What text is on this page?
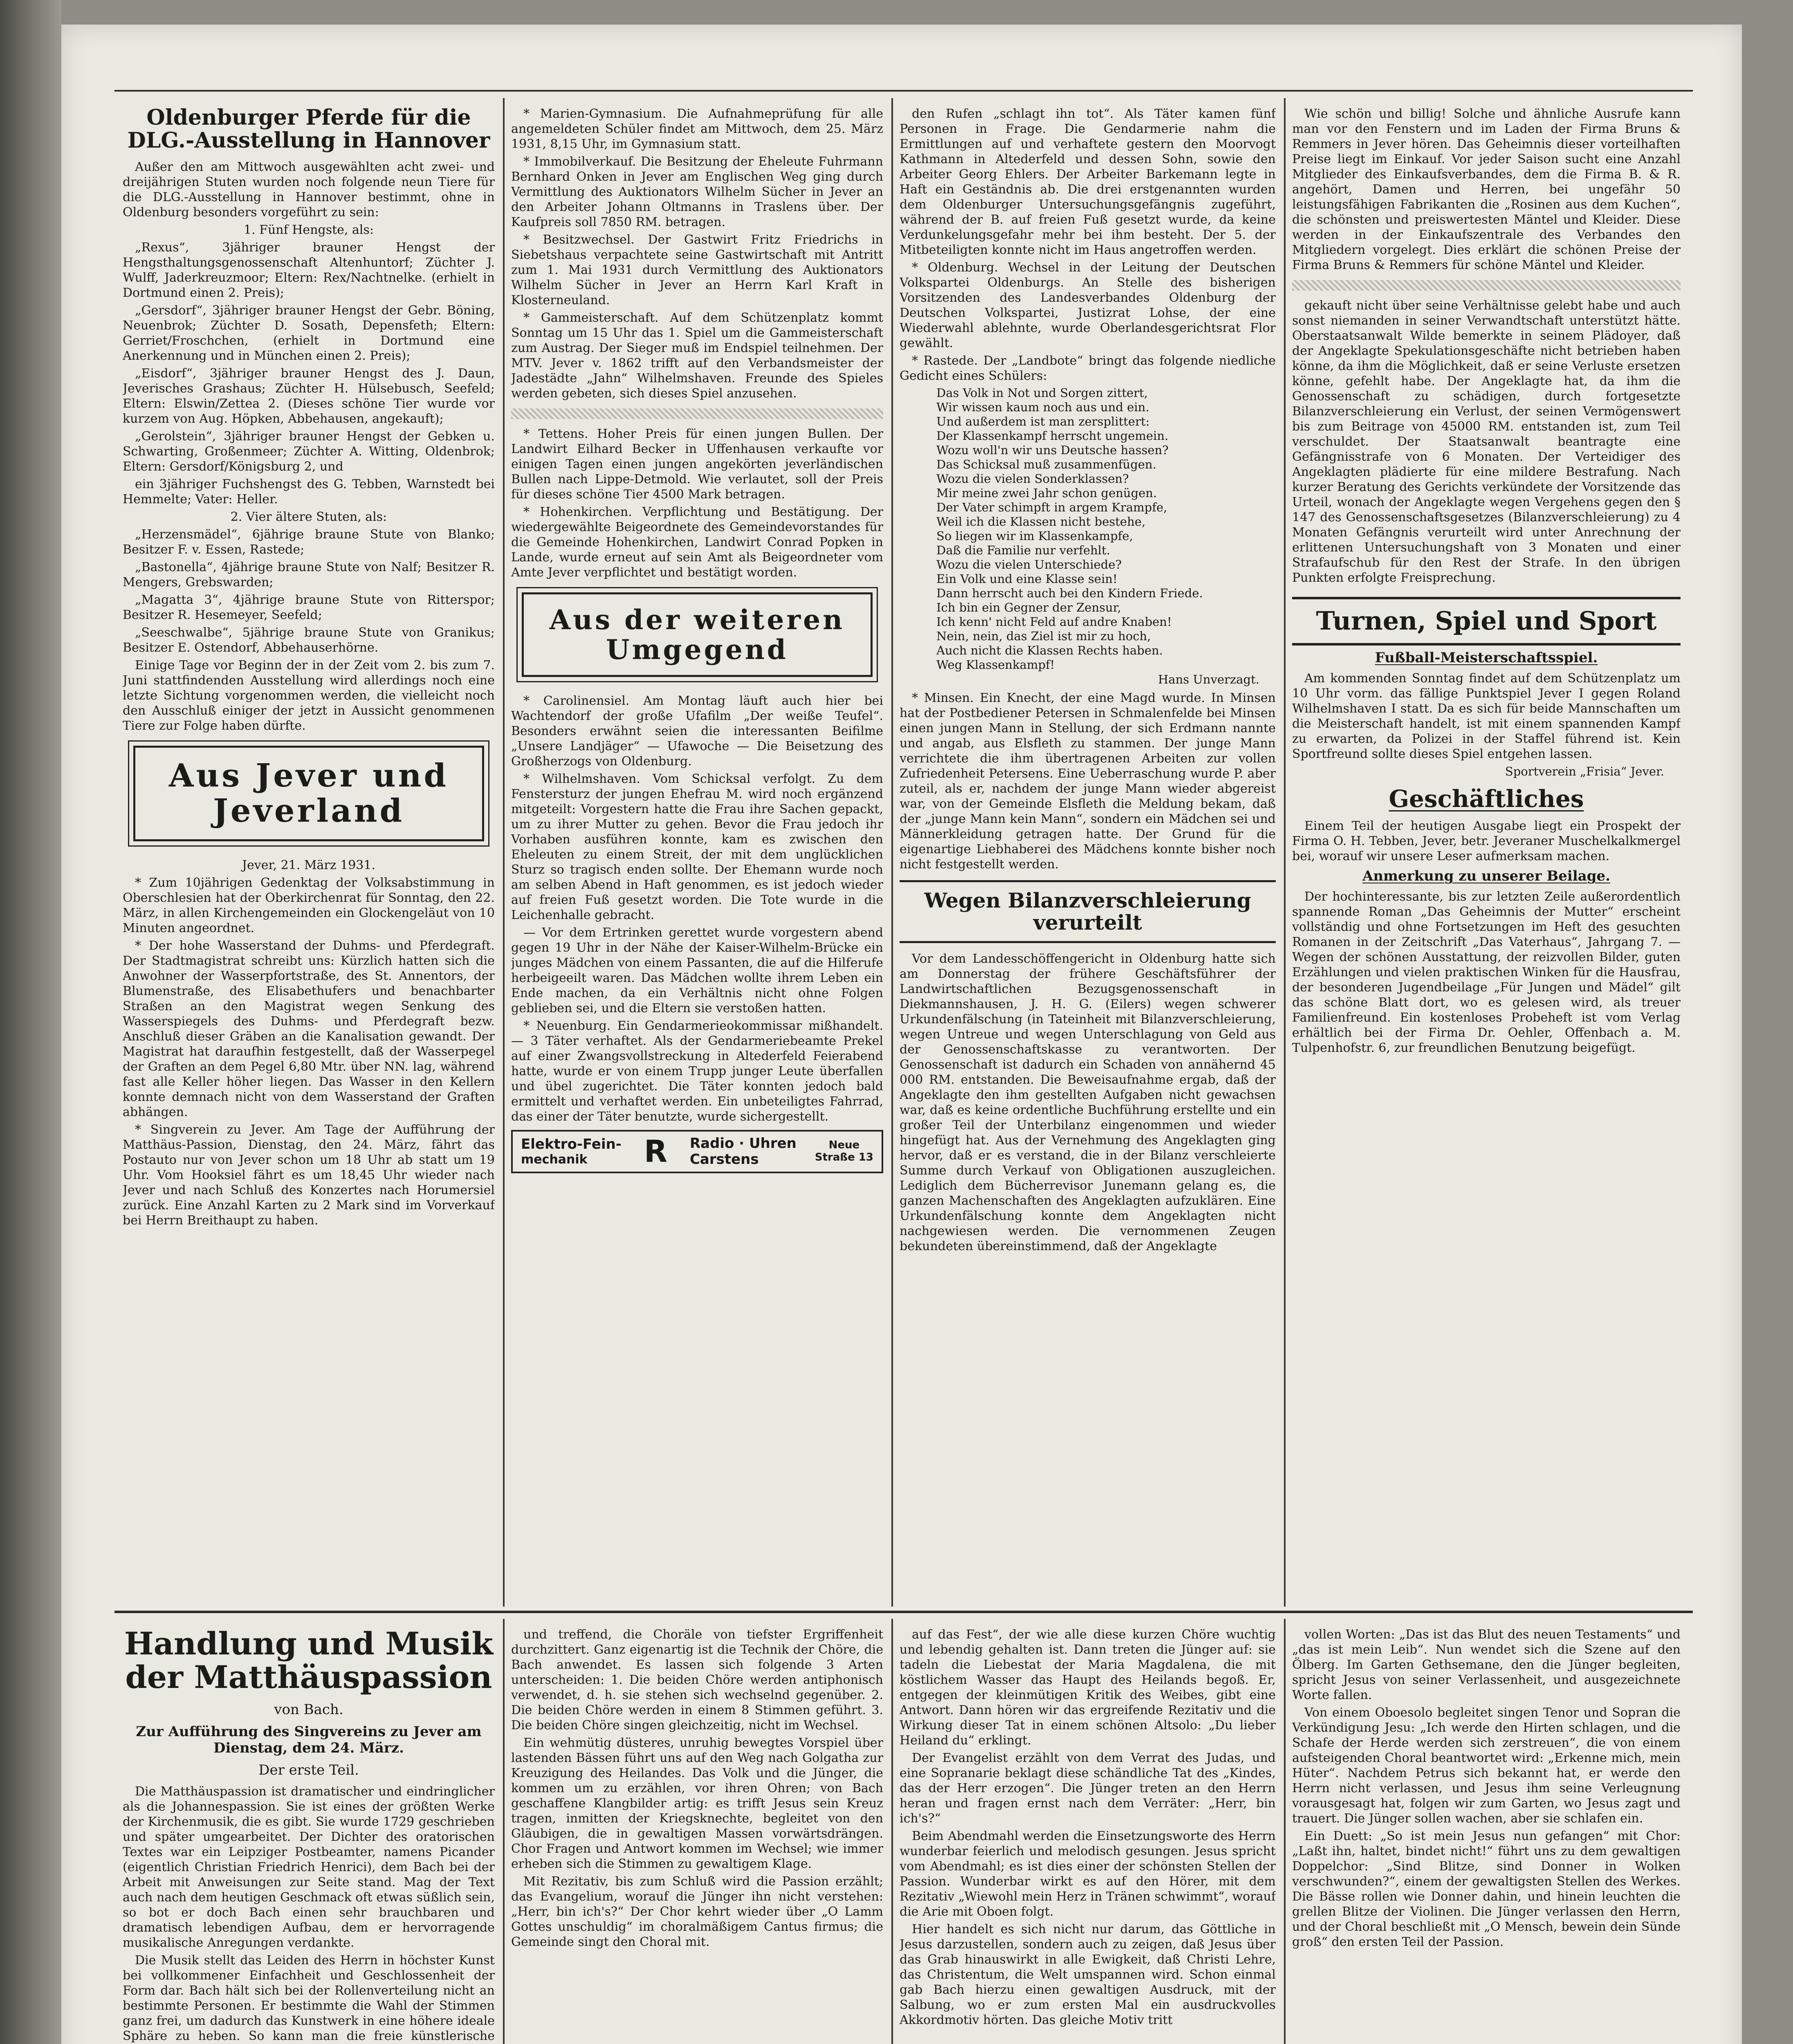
Oldenburger Pferde für die DLG.-Ausstellung in Hannover

Außer den am Mittwoch ausgewählten acht zwei- und dreijährigen Stuten wurden noch folgende neun Tiere für die DLG.-Ausstellung in Hannover bestimmt, ohne in Oldenburg besonders vorgeführt zu sein:

1. Fünf Hengste, als:

„Rexus“, 3jähriger brauner Hengst der Hengsthaltungsgenossenschaft Altenhuntorf; Züchter J. Wulff, Jaderkreuzmoor; Eltern: Rex/Nachtnelke. (erhielt in Dortmund einen 2. Preis);

„Gersdorf“, 3jähriger brauner Hengst der Gebr. Böning, Neuenbrok; Züchter D. Sosath, Depensfeth; Eltern: Gerriet/Froschchen, (erhielt in Dortmund eine Anerkennung und in München einen 2. Preis);

„Eisdorf“, 3jähriger brauner Hengst des J. Daun, Jeverisches Grashaus; Züchter H. Hülsebusch, Seefeld; Eltern: Elswin/Zettea 2. (Dieses schöne Tier wurde vor kurzem von Aug. Höpken, Abbehausen, angekauft);

„Gerolstein“, 3jähriger brauner Hengst der Gebken u. Schwarting, Großenmeer; Züchter A. Witting, Oldenbrok; Eltern: Gersdorf/Königsburg 2, und

ein 3jähriger Fuchshengst des G. Tebben, Warnstedt bei Hemmelte; Vater: Heller.

2. Vier ältere Stuten, als:

„Herzensmädel“, 6jährige braune Stute von Blanko; Besitzer F. v. Essen, Rastede;

„Bastonella“, 4jährige braune Stute von Nalf; Besitzer R. Mengers, Grebswarden;

„Magatta 3“, 4jährige braune Stute von Ritterspor; Besitzer R. Hesemeyer, Seefeld;

„Seeschwalbe“, 5jährige braune Stute von Granikus; Besitzer E. Ostendorf, Abbehauserhörne.

Einige Tage vor Beginn der in der Zeit vom 2. bis zum 7. Juni stattfindenden Ausstellung wird allerdings noch eine letzte Sichtung vorgenommen werden, die vielleicht noch den Ausschluß einiger der jetzt in Aussicht genommenen Tiere zur Folge haben dürfte.

Aus Jever und Jeverland

Jever, 21. März 1931.

* Zum 10jährigen Gedenktag der Volksabstimmung in Oberschlesien hat der Oberkirchenrat für Sonntag, den 22. März, in allen Kirchengemeinden ein Glockengeläut von 10 Minuten angeordnet.

* Der hohe Wasserstand der Duhms- und Pferdegraft. Der Stadtmagistrat schreibt uns: Kürzlich hatten sich die Anwohner der Wasserpfortstraße, des St. Annentors, der Blumenstraße, des Elisabethufers und benachbarter Straßen an den Magistrat wegen Senkung des Wasserspiegels des Duhms- und Pferdegraft bezw. Anschluß dieser Gräben an die Kanalisation gewandt. Der Magistrat hat daraufhin festgestellt, daß der Wasserpegel der Graften an dem Pegel 6,80 Mtr. über NN. lag, während fast alle Keller höher liegen. Das Wasser in den Kellern konnte demnach nicht von dem Wasserstand der Graften abhängen.

* Singverein zu Jever. Am Tage der Aufführung der Matthäus-Passion, Dienstag, den 24. März, fährt das Postauto nur von Jever schon um 18 Uhr ab statt um 19 Uhr. Vom Hooksiel fährt es um 18,45 Uhr wieder nach Jever und nach Schluß des Konzertes nach Horumersiel zurück. Eine Anzahl Karten zu 2 Mark sind im Vorverkauf bei Herrn Breithaupt zu haben.

* Marien-Gymnasium. Die Aufnahmeprüfung für alle angemeldeten Schüler findet am Mittwoch, dem 25. März 1931, 8,15 Uhr, im Gymnasium statt.

* Immobilverkauf. Die Besitzung der Eheleute Fuhrmann Bernhard Onken in Jever am Englischen Weg ging durch Vermittlung des Auktionators Wilhelm Sücher in Jever an den Arbeiter Johann Oltmanns in Traslens über. Der Kaufpreis soll 7850 RM. betragen.

* Besitzwechsel. Der Gastwirt Fritz Friedrichs in Siebetshaus verpachtete seine Gastwirtschaft mit Antritt zum 1. Mai 1931 durch Vermittlung des Auktionators Wilhelm Sücher in Jever an Herrn Karl Kraft in Klosterneuland.

* Gammeisterschaft. Auf dem Schützenplatz kommt Sonntag um 15 Uhr das 1. Spiel um die Gammeisterschaft zum Austrag. Der Sieger muß im Endspiel teilnehmen. Der MTV. Jever v. 1862 trifft auf den Verbandsmeister der Jadestädte „Jahn“ Wilhelmshaven. Freunde des Spieles werden gebeten, sich dieses Spiel anzusehen.

* Tettens. Hoher Preis für einen jungen Bullen. Der Landwirt Eilhard Becker in Uffenhausen verkaufte vor einigen Tagen einen jungen angekörten jeverländischen Bullen nach Lippe-Detmold. Wie verlautet, soll der Preis für dieses schöne Tier 4500 Mark betragen.

* Hohenkirchen. Verpflichtung und Bestätigung. Der wiedergewählte Beigeordnete des Gemeindevorstandes für die Gemeinde Hohenkirchen, Landwirt Conrad Popken in Lande, wurde erneut auf sein Amt als Beigeordneter vom Amte Jever verpflichtet und bestätigt worden.

Aus der weiteren Umgegend

* Carolinensiel. Am Montag läuft auch hier bei Wachtendorf der große Ufafilm „Der weiße Teufel“. Besonders erwähnt seien die interessanten Beifilme „Unsere Landjäger“ — Ufawoche — Die Beisetzung des Großherzogs von Oldenburg.

* Wilhelmshaven. Vom Schicksal verfolgt. Zu dem Fenstersturz der jungen Ehefrau M. wird noch ergänzend mitgeteilt: Vorgestern hatte die Frau ihre Sachen gepackt, um zu ihrer Mutter zu gehen. Bevor die Frau jedoch ihr Vorhaben ausführen konnte, kam es zwischen den Eheleuten zu einem Streit, der mit dem unglücklichen Sturz so tragisch enden sollte. Der Ehemann wurde noch am selben Abend in Haft genommen, es ist jedoch wieder auf freien Fuß gesetzt worden. Die Tote wurde in die Leichenhalle gebracht.

— Vor dem Ertrinken gerettet wurde vorgestern abend gegen 19 Uhr in der Nähe der Kaiser-Wilhelm-Brücke ein junges Mädchen von einem Passanten, die auf die Hilferufe herbeigeeilt waren. Das Mädchen wollte ihrem Leben ein Ende machen, da ein Verhältnis nicht ohne Folgen geblieben sei, und die Eltern sie verstoßen hatten.

* Neuenburg. Ein Gendarmerieokommissar mißhandelt. — 3 Täter verhaftet. Als der Gendarmeriebeamte Prekel auf einer Zwangsvollstreckung in Altederfeld Feierabend hatte, wurde er von einem Trupp junger Leute überfallen und übel zugerichtet. Die Täter konnten jedoch bald ermittelt und verhaftet werden. Ein unbeteiligtes Fahrrad, das einer der Täter benutzte, wurde sichergestellt.

Elektro-Fein-
mechanik	R Radio · Uhren
Carstens
Neue
Straße 13

den Rufen „schlagt ihn tot“. Als Täter kamen fünf Personen in Frage. Die Gendarmerie nahm die Ermittlungen auf und verhaftete gestern den Moorvogt Kathmann in Altederfeld und dessen Sohn, sowie den Arbeiter Georg Ehlers. Der Arbeiter Barkemann legte in Haft ein Geständnis ab. Die drei erstgenannten wurden dem Oldenburger Untersuchungsgefängnis zugeführt, während der B. auf freien Fuß gesetzt wurde, da keine Verdunkelungsgefahr mehr bei ihm besteht. Der 5. der Mitbeteiligten konnte nicht im Haus angetroffen werden.

* Oldenburg. Wechsel in der Leitung der Deutschen Volkspartei Oldenburgs. An Stelle des bisherigen Vorsitzenden des Landesverbandes Oldenburg der Deutschen Volkspartei, Justizrat Lohse, der eine Wiederwahl ablehnte, wurde Oberlandesgerichtsrat Flor gewählt.

* Rastede. Der „Landbote“ bringt das folgende niedliche Gedicht eines Schülers:

Das Volk in Not und Sorgen zittert,

Wir wissen kaum noch aus und ein.

Und außerdem ist man zersplittert:

Der Klassenkampf herrscht ungemein.

Wozu woll'n wir uns Deutsche hassen?

Das Schicksal muß zusammenfügen.

Wozu die vielen Sonderklassen?

Mir meine zwei Jahr schon genügen.

Der Vater schimpft in argem Krampfe,

Weil ich die Klassen nicht bestehe,

So liegen wir im Klassenkampfe,

Daß die Familie nur verfehlt.

Wozu die vielen Unterschiede?

Ein Volk und eine Klasse sein!

Dann herrscht auch bei den Kindern Friede.

Ich bin ein Gegner der Zensur,

Ich kenn' nicht Feld auf andre Knaben!

Nein, nein, das Ziel ist mir zu hoch,

Auch nicht die Klassen Rechts haben.

Weg Klassenkampf!

Hans Unverzagt.

* Minsen. Ein Knecht, der eine Magd wurde. In Minsen hat der Postbediener Petersen in Schmalenfelde bei Minsen einen jungen Mann in Stellung, der sich Erdmann nannte und angab, aus Elsfleth zu stammen. Der junge Mann verrichtete die ihm übertragenen Arbeiten zur vollen Zufriedenheit Petersens. Eine Ueberraschung wurde P. aber zuteil, als er, nachdem der junge Mann wieder abgereist war, von der Gemeinde Elsfleth die Meldung bekam, daß der „junge Mann kein Mann“, sondern ein Mädchen sei und Männerkleidung getragen hatte. Der Grund für die eigenartige Liebhaberei des Mädchens konnte bisher noch nicht festgestellt werden.

Wegen Bilanzverschleierung verurteilt

Vor dem Landesschöffengericht in Oldenburg hatte sich am Donnerstag der frühere Geschäftsführer der Landwirtschaftlichen Bezugsgenossenschaft in Diekmannshausen, J. H. G. (Eilers) wegen schwerer Urkundenfälschung (in Tateinheit mit Bilanzverschleierung, wegen Untreue und wegen Unterschlagung von Geld aus der Genossenschaftskasse zu verantworten. Der Genossenschaft ist dadurch ein Schaden von annähernd 45 000 RM. entstanden. Die Beweisaufnahme ergab, daß der Angeklagte den ihm gestellten Aufgaben nicht gewachsen war, daß es keine ordentliche Buchführung erstellte und ein großer Teil der Unterbilanz eingenommen und wieder hingefügt hat. Aus der Vernehmung des Angeklagten ging hervor, daß er es verstand, die in der Bilanz verschleierte Summe durch Verkauf von Obligationen auszugleichen. Lediglich dem Bücherrevisor Junemann gelang es, die ganzen Machenschaften des Angeklagten aufzuklären. Eine Urkundenfälschung konnte dem Angeklagten nicht nachgewiesen werden. Die vernommenen Zeugen bekundeten übereinstimmend, daß der Angeklagte

Wie schön und billig! Solche und ähnliche Ausrufe kann man vor den Fenstern und im Laden der Firma Bruns & Remmers in Jever hören. Das Geheimnis dieser vorteilhaften Preise liegt im Einkauf. Vor jeder Saison sucht eine Anzahl Mitglieder des Einkaufsverbandes, dem die Firma B. & R. angehört, Damen und Herren, bei ungefähr 50 leistungsfähigen Fabrikanten die „Rosinen aus dem Kuchen“, die schönsten und preiswertesten Mäntel und Kleider. Diese werden in der Einkaufszentrale des Verbandes den Mitgliedern vorgelegt. Dies erklärt die schönen Preise der Firma Bruns & Remmers für schöne Mäntel und Kleider.

gekauft nicht über seine Verhältnisse gelebt habe und auch sonst niemanden in seiner Verwandtschaft unterstützt hätte. Oberstaatsanwalt Wilde bemerkte in seinem Plädoyer, daß der Angeklagte Spekulationsgeschäfte nicht betrieben haben könne, da ihm die Möglichkeit, daß er seine Verluste ersetzen könne, gefehlt habe. Der Angeklagte hat, da ihm die Genossenschaft zu schädigen, durch fortgesetzte Bilanzverschleierung ein Verlust, der seinen Vermögenswert bis zum Beitrage von 45000 RM. entstanden ist, zum Teil verschuldet. Der Staatsanwalt beantragte eine Gefängnisstrafe von 6 Monaten. Der Verteidiger des Angeklagten plädierte für eine mildere Bestrafung. Nach kurzer Beratung des Gerichts verkündete der Vorsitzende das Urteil, wonach der Angeklagte wegen Vergehens gegen den § 147 des Genossenschaftsgesetzes (Bilanzverschleierung) zu 4 Monaten Gefängnis verurteilt wird unter Anrechnung der erlittenen Untersuchungshaft von 3 Monaten und einer Strafaufschub für den Rest der Strafe. In den übrigen Punkten erfolgte Freisprechung.

Turnen, Spiel und Sport
Fußball-Meisterschaftsspiel.

Am kommenden Sonntag findet auf dem Schützenplatz um 10 Uhr vorm. das fällige Punktspiel Jever I gegen Roland Wilhelmshaven I statt. Da es sich für beide Mannschaften um die Meisterschaft handelt, ist mit einem spannenden Kampf zu erwarten, da Polizei in der Staffel führend ist. Kein Sportfreund sollte dieses Spiel entgehen lassen.

Sportverein „Frisia“ Jever.

Geschäftliches

Einem Teil der heutigen Ausgabe liegt ein Prospekt der Firma O. H. Tebben, Jever, betr. Jeveraner Muschelkalkmergel bei, worauf wir unsere Leser aufmerksam machen.

Anmerkung zu unserer Beilage.

Der hochinteressante, bis zur letzten Zeile außerordentlich spannende Roman „Das Geheimnis der Mutter“ erscheint vollständig und ohne Fortsetzungen im Heft des gesuchten Romanen in der Zeitschrift „Das Vaterhaus“, Jahrgang 7. — Wegen der schönen Ausstattung, der reizvollen Bilder, guten Erzählungen und vielen praktischen Winken für die Hausfrau, der besonderen Jugendbeilage „Für Jungen und Mädel“ gilt das schöne Blatt dort, wo es gelesen wird, als treuer Familienfreund. Ein kostenloses Probeheft ist vom Verlag erhältlich bei der Firma Dr. Oehler, Offenbach a. M. Tulpenhofstr. 6, zur freundlichen Benutzung beigefügt.

Handlung und Musik der Matthäuspassion
von Bach.
Zur Aufführung des Singvereins zu Jever am Dienstag, dem 24. März.
Der erste Teil.

Die Matthäuspassion ist dramatischer und eindringlicher als die Johannespassion. Sie ist eines der größten Werke der Kirchenmusik, die es gibt. Sie wurde 1729 geschrieben und später umgearbeitet. Der Dichter des oratorischen Textes war ein Leipziger Postbeamter, namens Picander (eigentlich Christian Friedrich Henrici), dem Bach bei der Arbeit mit Anweisungen zur Seite stand. Mag der Text auch nach dem heutigen Geschmack oft etwas süßlich sein, so bot er doch Bach einen sehr brauchbaren und dramatisch lebendigen Aufbau, dem er hervorragende musikalische Anregungen verdankte.

Die Musik stellt das Leiden des Herrn in höchster Kunst bei vollkommener Einfachheit und Geschlossenheit der Form dar. Bach hält sich bei der Rollenverteilung nicht an bestimmte Personen. Er bestimmte die Wahl der Stimmen ganz frei, um dadurch das Kunstwerk in eine höhere ideale Sphäre zu heben. So kann man die freie künstlerische

und treffend, die Choräle von tiefster Ergriffenheit durchzittert. Ganz eigenartig ist die Technik der Chöre, die Bach anwendet. Es lassen sich folgende 3 Arten unterscheiden: 1. Die beiden Chöre werden antiphonisch verwendet, d. h. sie stehen sich wechselnd gegenüber. 2. Die beiden Chöre werden in einem 8 Stimmen geführt. 3. Die beiden Chöre singen gleichzeitig, nicht im Wechsel.

Ein wehmütig düsteres, unruhig bewegtes Vorspiel über lastenden Bässen führt uns auf den Weg nach Golgatha zur Kreuzigung des Heilandes. Das Volk und die Jünger, die kommen um zu erzählen, vor ihren Ohren; von Bach geschaffene Klangbilder artig: es trifft Jesus sein Kreuz tragen, inmitten der Kriegsknechte, begleitet von den Gläubigen, die in gewaltigen Massen vorwärtsdrängen. Chor Fragen und Antwort kommen im Wechsel; wie immer erheben sich die Stimmen zu gewaltigem Klage.

Mit Rezitativ, bis zum Schluß wird die Passion erzählt; das Evangelium, worauf die Jünger ihn nicht verstehen: „Herr, bin ich's?“ Der Chor kehrt wieder über „O Lamm Gottes unschuldig“ im choralmäßigem Cantus firmus; die Gemeinde singt den Choral mit.

auf das Fest“, der wie alle diese kurzen Chöre wuchtig und lebendig gehalten ist. Dann treten die Jünger auf: sie tadeln die Liebestat der Maria Magdalena, die mit köstlichem Wasser das Haupt des Heilands begoß. Er, entgegen der kleinmütigen Kritik des Weibes, gibt eine Antwort. Dann hören wir das ergreifende Rezitativ und die Wirkung dieser Tat in einem schönen Altsolo: „Du lieber Heiland du“ erklingt.

Der Evangelist erzählt von dem Verrat des Judas, und eine Sopranarie beklagt diese schändliche Tat des „Kindes, das der Herr erzogen“. Die Jünger treten an den Herrn heran und fragen ernst nach dem Verräter: „Herr, bin ich's?“

Beim Abendmahl werden die Einsetzungsworte des Herrn wunderbar feierlich und melodisch gesungen. Jesus spricht vom Abendmahl; es ist dies einer der schönsten Stellen der Passion. Wunderbar wirkt es auf den Hörer, mit dem Rezitativ „Wiewohl mein Herz in Tränen schwimmt“, worauf die Arie mit Oboen folgt.

Hier handelt es sich nicht nur darum, das Göttliche in Jesus darzustellen, sondern auch zu zeigen, daß Jesus über das Grab hinauswirkt in alle Ewigkeit, daß Christi Lehre, das Christentum, die Welt umspannen wird. Schon einmal gab Bach hierzu einen gewaltigen Ausdruck, mit der Salbung, wo er zum ersten Mal ein ausdruckvolles Akkordmotiv hörten. Das gleiche Motiv tritt

vollen Worten: „Das ist das Blut des neuen Testaments“ und „das ist mein Leib“. Nun wendet sich die Szene auf den Ölberg. Im Garten Gethsemane, den die Jünger begleiten, spricht Jesus von seiner Verlassenheit, und ausgezeichnete Worte fallen.

Von einem Oboesolo begleitet singen Tenor und Sopran die Verkündigung Jesu: „Ich werde den Hirten schlagen, und die Schafe der Herde werden sich zerstreuen“, die von einem aufsteigenden Choral beantwortet wird: „Erkenne mich, mein Hüter“. Nachdem Petrus sich bekannt hat, er werde den Herrn nicht verlassen, und Jesus ihm seine Verleugnung vorausgesagt hat, folgen wir zum Garten, wo Jesus zagt und trauert. Die Jünger sollen wachen, aber sie schlafen ein.

Ein Duett: „So ist mein Jesus nun gefangen“ mit Chor: „Laßt ihn, haltet, bindet nicht!“ führt uns zu dem gewaltigen Doppelchor: „Sind Blitze, sind Donner in Wolken verschwunden?“, einem der gewaltigsten Stellen des Werkes. Die Bässe rollen wie Donner dahin, und hinein leuchten die grellen Blitze der Violinen. Die Jünger verlassen den Herrn, und der Choral beschließt mit „O Mensch, bewein dein Sünde groß“ den ersten Teil der Passion.
